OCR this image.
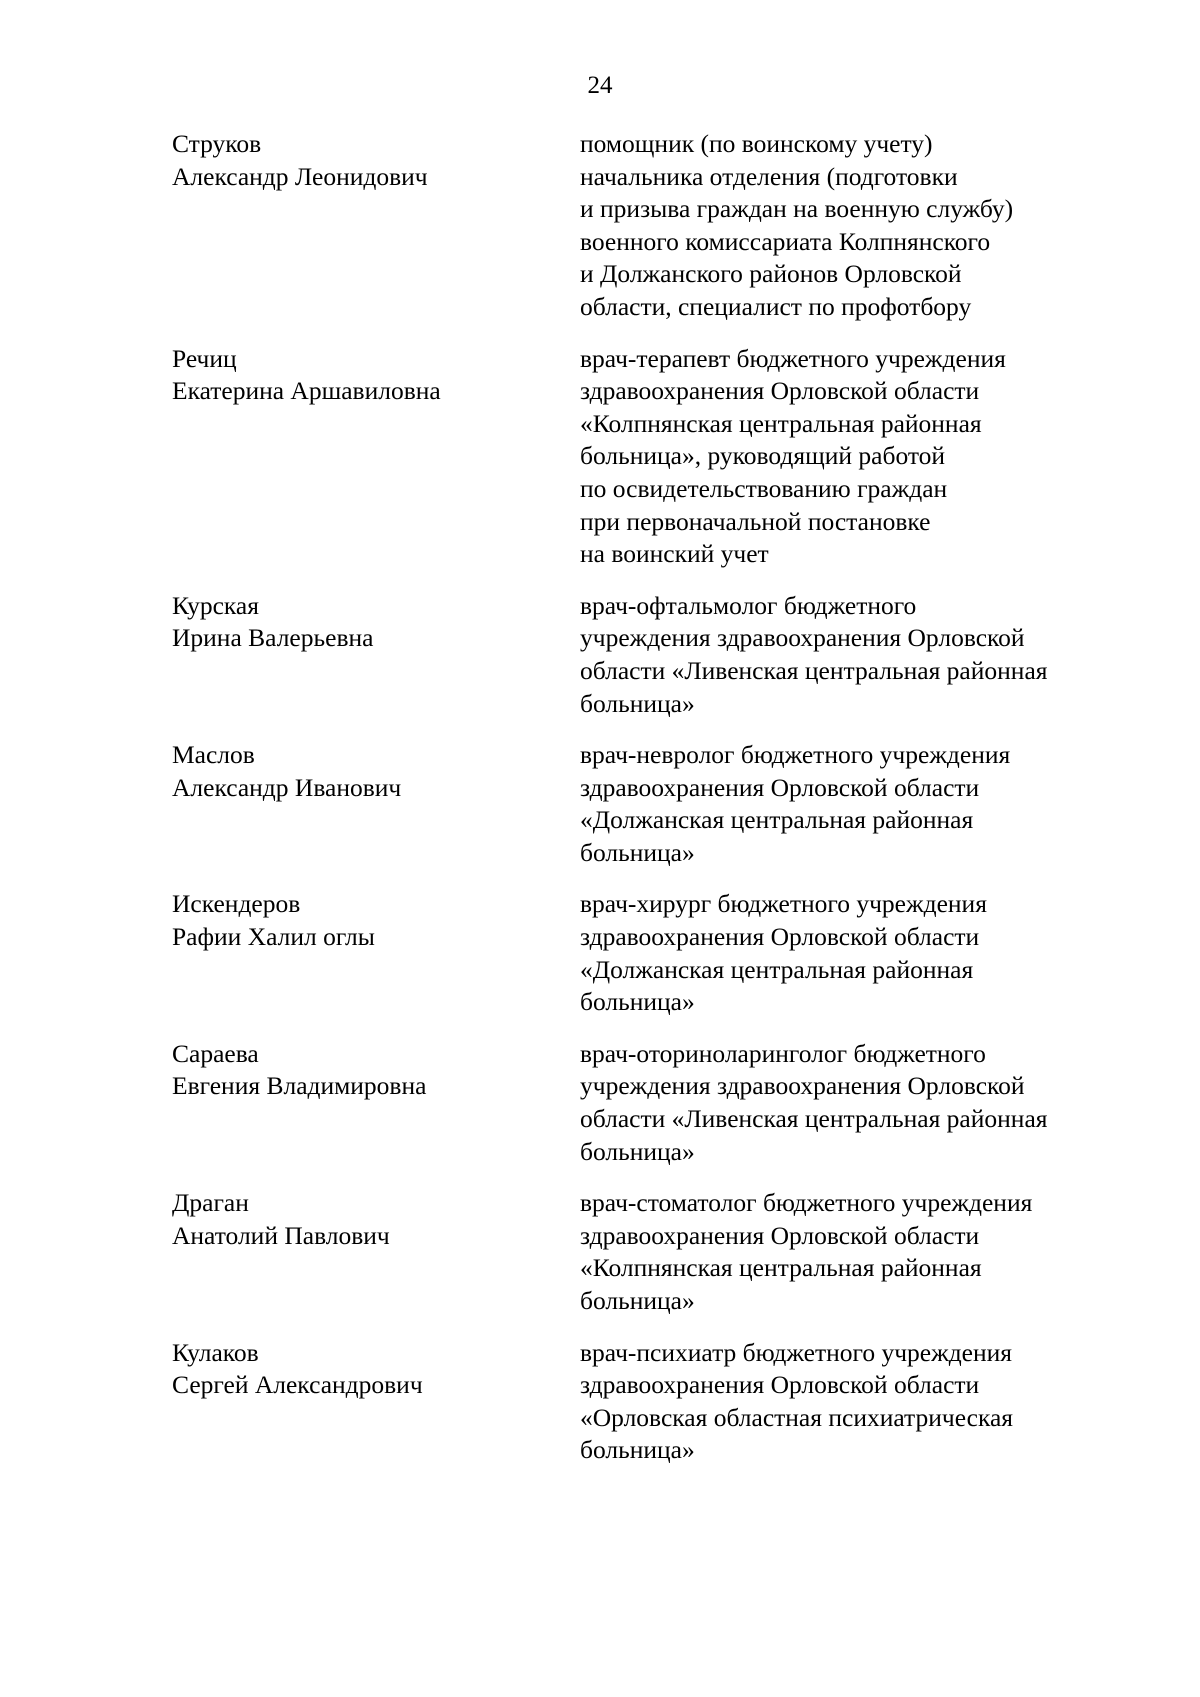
24
Струков
Александр Леонидович
помощник (по воинскому учету)
начальника отделения (подготовки
и призыва граждан на военную службу)
военного комиссариата Колпнянского
и Должанского районов Орловской
области, специалист по профотбору
Речиц
Екатерина Аршавиловна
врач-терапевт бюджетного учреждения
здравоохранения Орловской области
«Колпнянская центральная районная
больница», руководящий работой
по освидетельствованию граждан
при первоначальной постановке
на воинский учет
Курская
Ирина Валерьевна
врач-офтальмолог бюджетного
учреждения здравоохранения Орловской
области «Ливенская центральная районная
больница»
Маслов
Александр Иванович
врач-невролог бюджетного учреждения
здравоохранения Орловской области
«Должанская центральная районная
больница»
Искендеров
Рафии Халил оглы
врач-хирург бюджетного учреждения
здравоохранения Орловской области
«Должанская центральная районная
больница»
Сараева
Евгения Владимировна
врач-оториноларинголог бюджетного
учреждения здравоохранения Орловской
области «Ливенская центральная районная
больница»
Драган
Анатолий Павлович
врач-стоматолог бюджетного учреждения
здравоохранения Орловской области
«Колпнянская центральная районная
больница»
Кулаков
Сергей Александрович
врач-психиатр бюджетного учреждения
здравоохранения Орловской области
«Орловская областная психиатрическая
больница»
